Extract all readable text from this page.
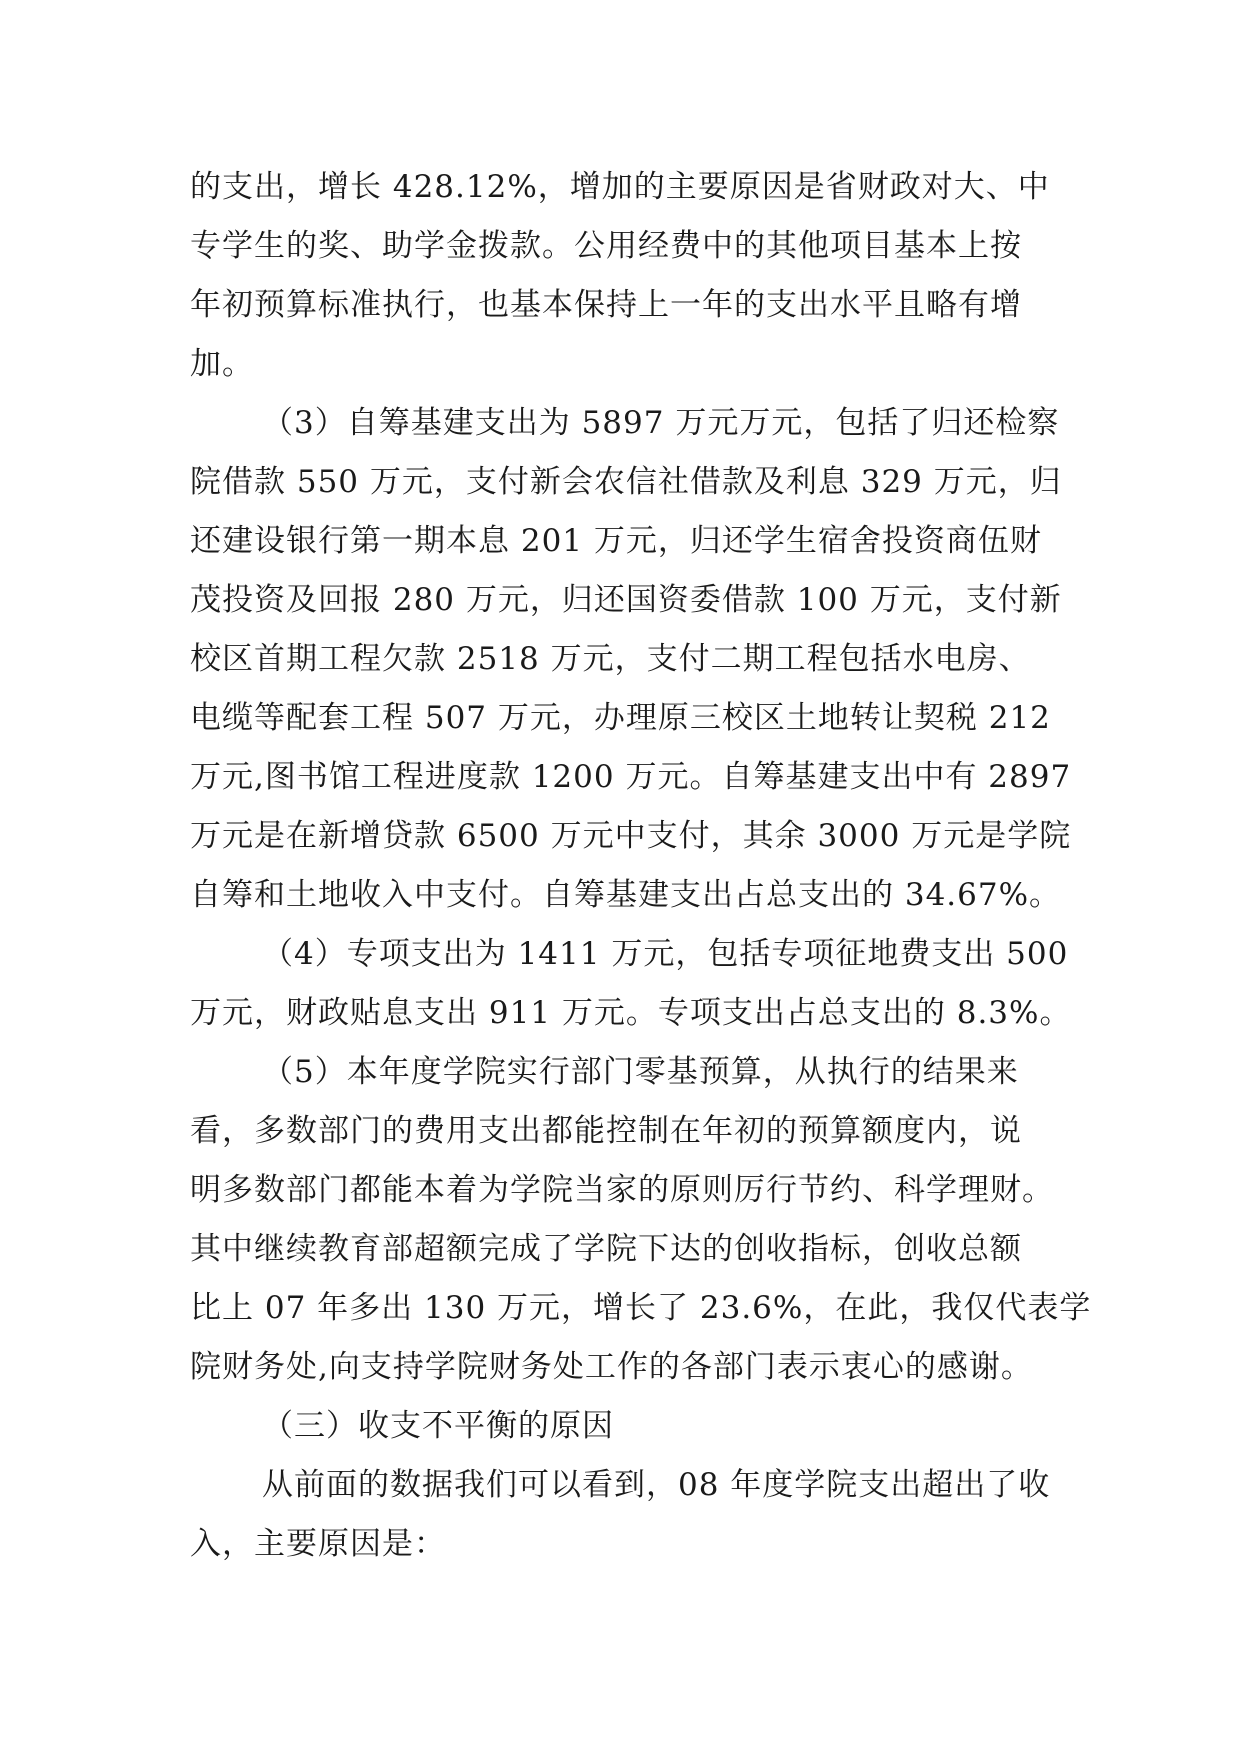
的支出，增长 428.12%，增加的主要原因是省财政对大、中
专学生的奖、助学金拨款。公用经费中的其他项目基本上按
年初预算标准执行，也基本保持上一年的支出水平且略有增
加。
（3）自筹基建支出为 5897 万元万元，包括了归还检察
院借款 550 万元，支付新会农信社借款及利息 329 万元，归
还建设银行第一期本息 201 万元，归还学生宿舍投资商伍财
茂投资及回报 280 万元，归还国资委借款 100 万元，支付新
校区首期工程欠款 2518 万元，支付二期工程包括水电房、
电缆等配套工程 507 万元，办理原三校区土地转让契税 212
万元,图书馆工程进度款 1200 万元。自筹基建支出中有 2897
万元是在新增贷款 6500 万元中支付，其余 3000 万元是学院
自筹和土地收入中支付。自筹基建支出占总支出的 34.67%。
（4）专项支出为 1411 万元，包括专项征地费支出 500
万元，财政贴息支出 911 万元。专项支出占总支出的 8.3%。
（5）本年度学院实行部门零基预算，从执行的结果来
看，多数部门的费用支出都能控制在年初的预算额度内，说
明多数部门都能本着为学院当家的原则厉行节约、科学理财。
其中继续教育部超额完成了学院下达的创收指标，创收总额
比上 07 年多出 130 万元，增长了 23.6%，在此，我仅代表学
院财务处,向支持学院财务处工作的各部门表示衷心的感谢。
（三）收支不平衡的原因
从前面的数据我们可以看到，08 年度学院支出超出了收
入，主要原因是：
